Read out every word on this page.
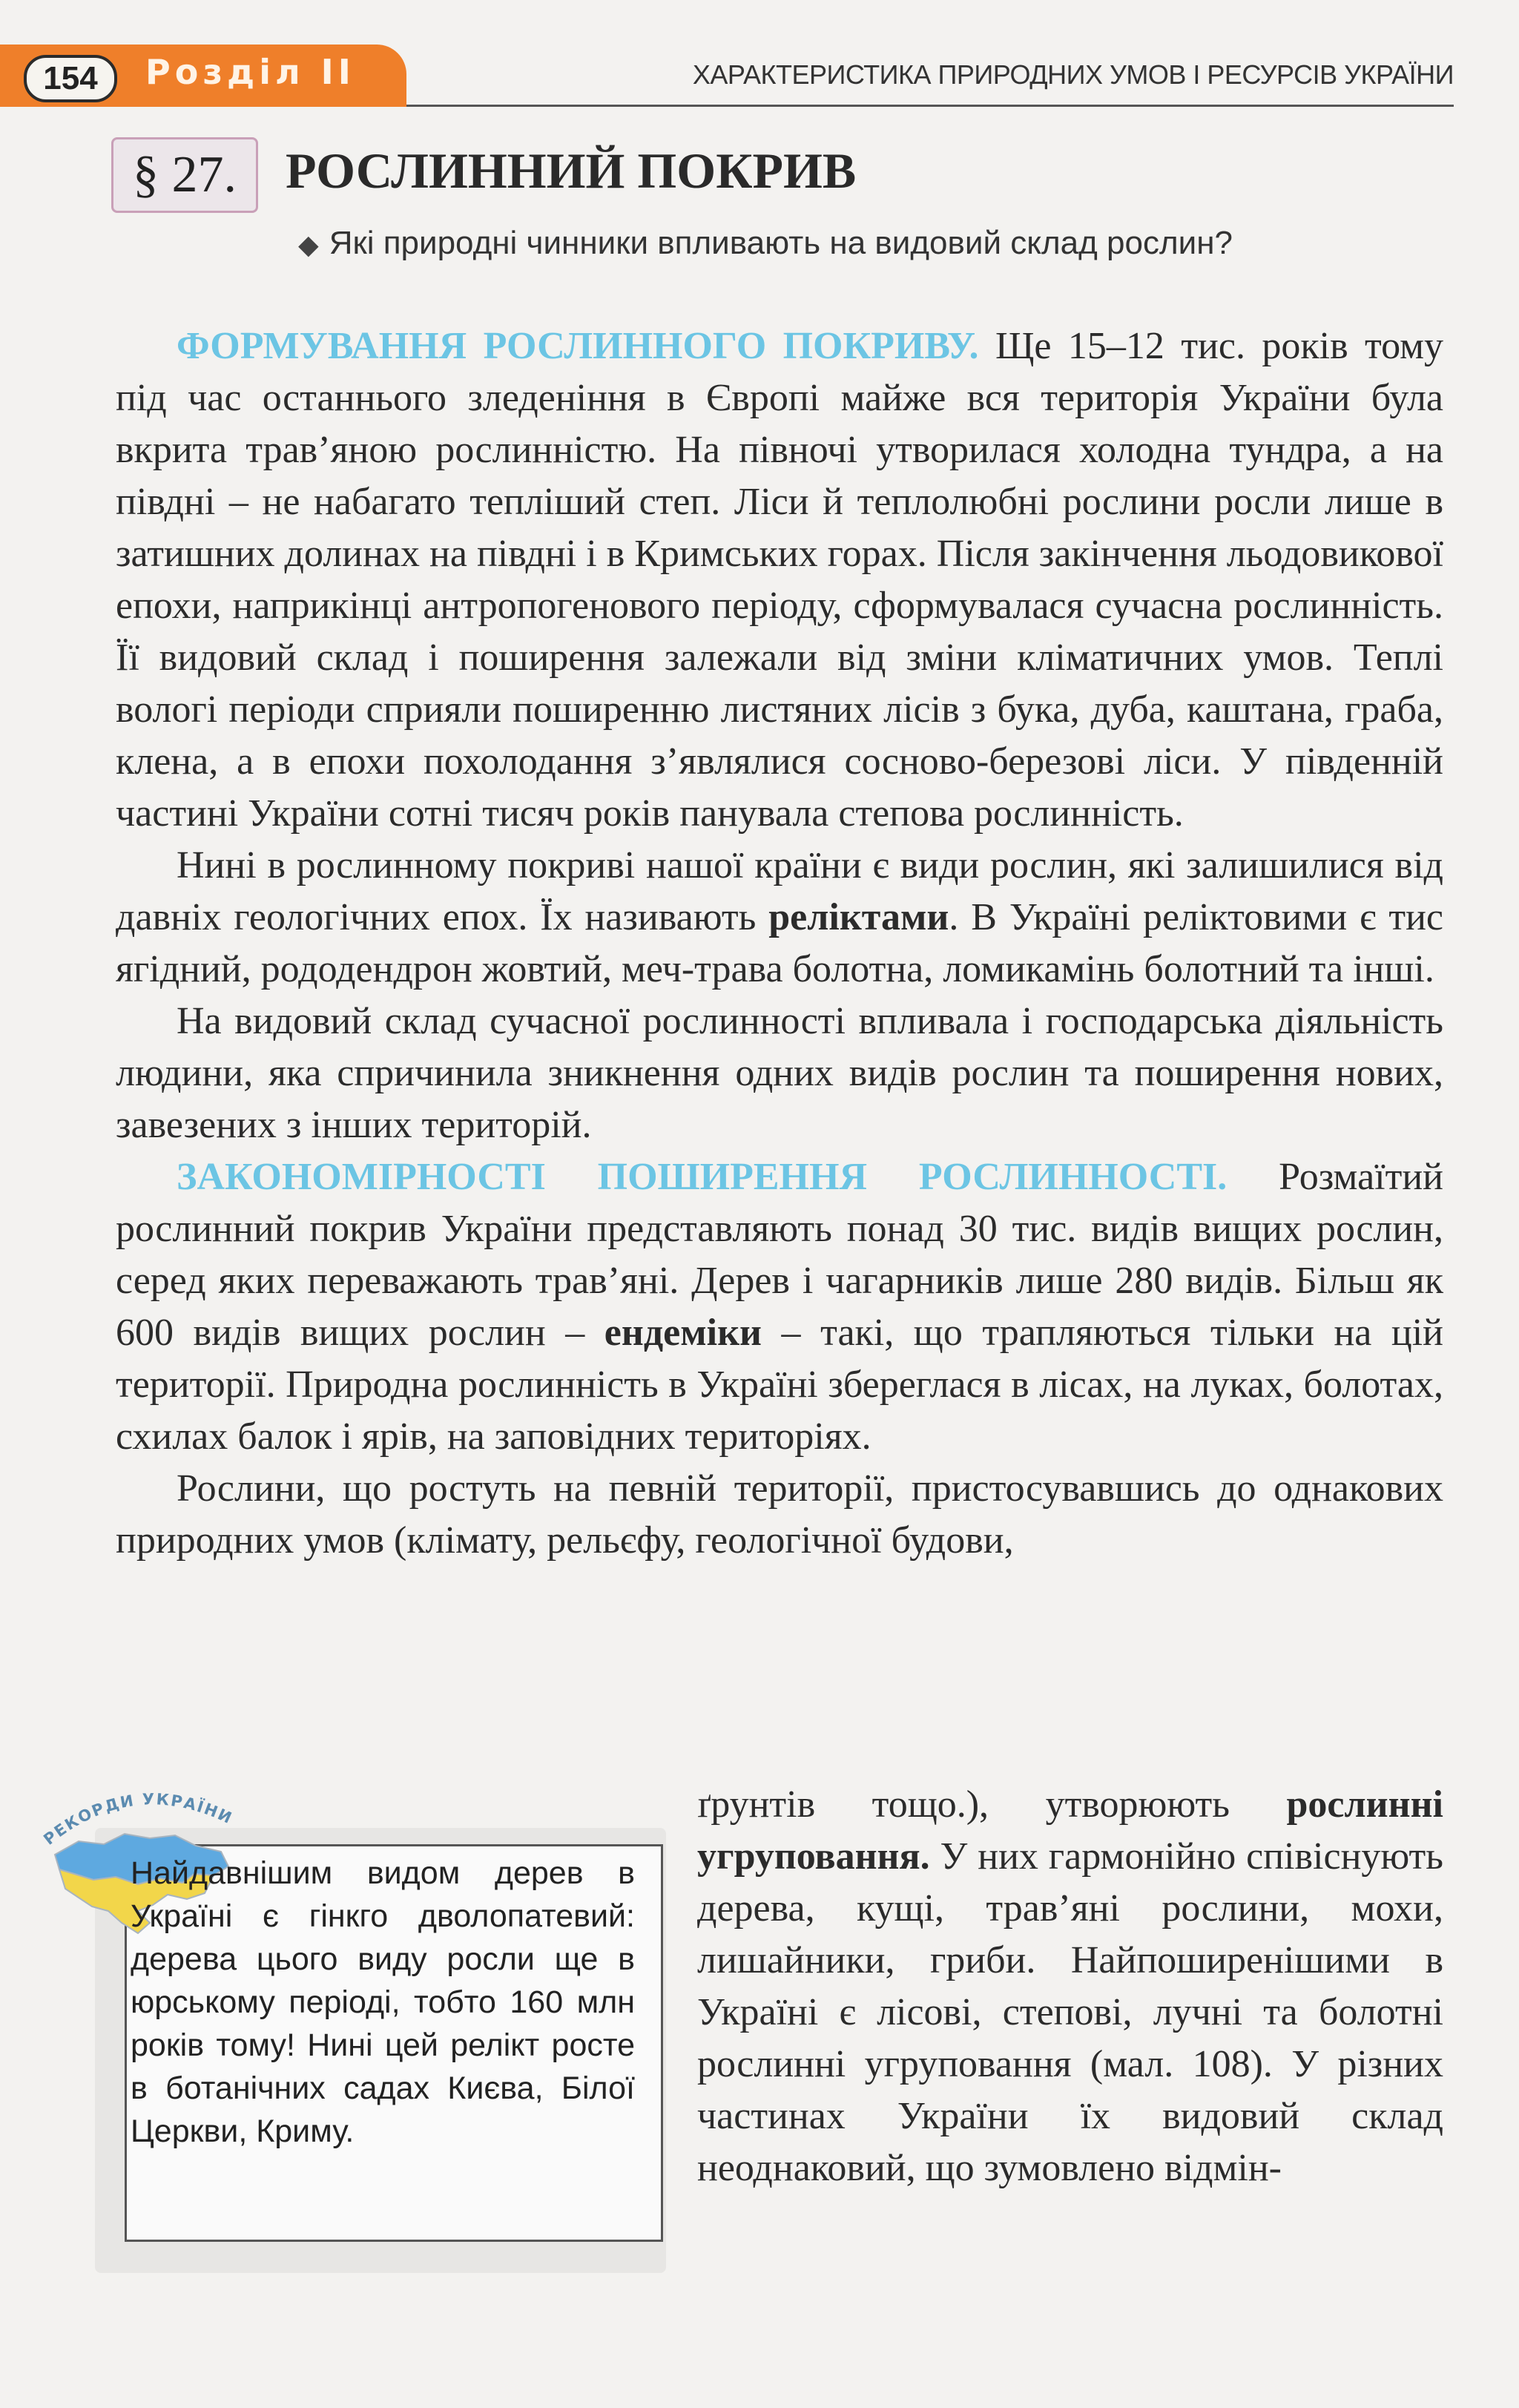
154	Розділ II	ХАРАКТЕРИСТИКА ПРИРОДНИХ УМОВ І РЕСУРСІВ УКРАЇНИ
§ 27. РОСЛИННИЙ ПОКРИВ
◆ Які природні чинники впливають на видовий склад рослин?

ФОРМУВАННЯ РОСЛИННОГО ПОКРИВУ. Ще 15–12 тис. років тому під час останнього зледеніння в Європі майже вся територія України була вкрита трав’яною рослинністю. На півночі утворилася холодна тундра, а на півдні – не набагато тепліший степ. Ліси й теплолюбні рослини росли лише в затишних долинах на півдні і в Кримських горах. Після закінчення льодовикової епохи, наприкінці антропогенового періоду, сформувалася сучасна рослинність. Її видовий склад і поширення залежали від зміни кліматичних умов. Теплі вологі періоди сприяли поширенню листяних лісів з бука, дуба, каштана, граба, клена, а в епохи похолодання з’являлися сосново-березові ліси. У південній частині України сотні тисяч років панувала степова рослинність.

Нині в рослинному покриві нашої країни є види рослин, які залишилися від давніх геологічних епох. Їх називають реліктами. В Україні реліктовими є тис ягідний, рододендрон жовтий, меч-трава болотна, ломикамінь болотний та інші.

На видовий склад сучасної рослинності впливала і господарська діяльність людини, яка спричинила зникнення одних видів рослин та поширення нових, завезених з інших територій.

ЗАКОНОМІРНОСТІ ПОШИРЕННЯ РОСЛИННОСТІ. Розмаїтий рослинний покрив України представляють понад 30 тис. видів вищих рослин, серед яких переважають трав’яні. Дерев і чагарників лише 280 видів. Більш як 600 видів вищих рослин – ендеміки – такі, що трапляються тільки на цій території. Природна рослинність в Україні збереглася в лісах, на луках, болотах, схилах балок і ярів, на заповідних територіях.

Рослини, що ростуть на певній території, пристосувавшись до однакових природних умов (клімату, рельєфу, геологічної будови,

ґрунтів тощо.), утворюють рослинні угруповання. У них гармонійно співіснують дерева, кущі, трав’яні рослини, мохи, лишайники, гриби. Найпоширенішими в Україні є лісові, степові, лучні та болотні рослинні угруповання (мал. 108). У різних частинах України їх видовий склад неоднаковий, що зумовлено відмін-

РЕКОРДИ УКРАЇНИ
Найдавнішим видом дерев в Україні є гінкго дволопатевий: дерева цього виду росли ще в юрському періоді, тобто 160 млн років тому! Нині цей релікт росте в ботанічних садах Києва, Білої Церкви, Криму.
